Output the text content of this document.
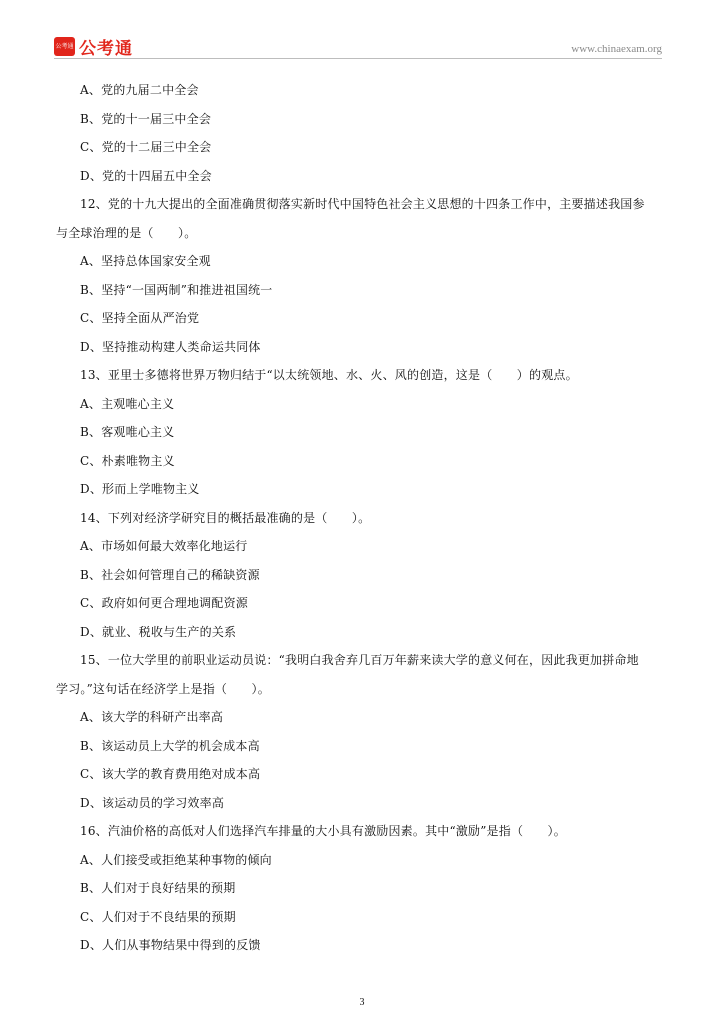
公考通 公考通	www.chinaexam.org
A、党的九届二中全会
B、党的十一届三中全会
C、党的十二届三中全会
D、党的十四届五中全会
12、党的十九大提出的全面准确贯彻落实新时代中国特色社会主义思想的十四条工作中，主要描述我国参
与全球治理的是（　　）。
A、坚持总体国家安全观
B、坚持“一国两制”和推进祖国统一
C、坚持全面从严治党
D、坚持推动构建人类命运共同体
13、亚里士多德将世界万物归结于“以太统领地、水、火、风的创造，这是（　　）的观点。
A、主观唯心主义
B、客观唯心主义
C、朴素唯物主义
D、形而上学唯物主义
14、下列对经济学研究目的概括最准确的是（　　）。
A、市场如何最大效率化地运行
B、社会如何管理自己的稀缺资源
C、政府如何更合理地调配资源
D、就业、税收与生产的关系
15、一位大学里的前职业运动员说：“我明白我舍弃几百万年薪来读大学的意义何在，因此我更加拼命地
学习。”这句话在经济学上是指（　　）。
A、该大学的科研产出率高
B、该运动员上大学的机会成本高
C、该大学的教育费用绝对成本高
D、该运动员的学习效率高
16、汽油价格的高低对人们选择汽车排量的大小具有激励因素。其中“激励”是指（　　）。
A、人们接受或拒绝某种事物的倾向
B、人们对于良好结果的预期
C、人们对于不良结果的预期
D、人们从事物结果中得到的反馈
3
